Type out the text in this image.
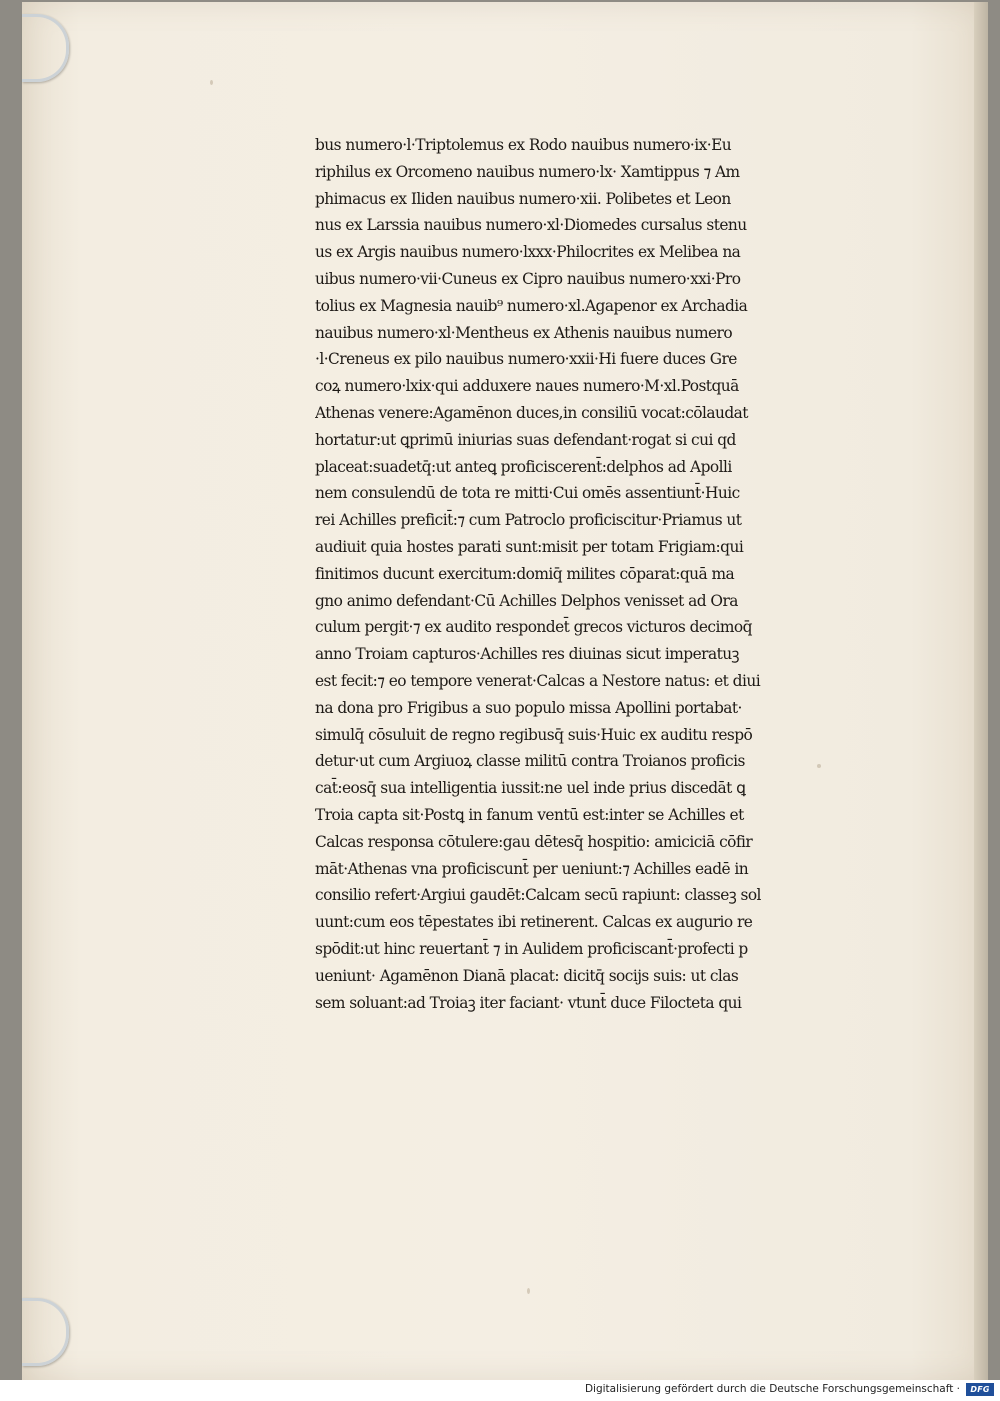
bus numero·l·Triptolemus ex Rodo nauibus numero·ix·Eu
riphilus ex Orcomeno nauibus numero·lx· Xamtippus ⁊ Am
phimacus ex Iliden nauibus numero·xii. Polibetes et Leon
nus ex Larssia nauibus numero·xl·Diomedes cursalus stenu
us ex Argis nauibus numero·lxxx·Philocrites ex Melibea na
uibus numero·vii·Cuneus ex Cipro nauibus numero·xxi·Pro
tolius ex Magnesia nauib⁹ numero·xl.Agapenor ex Archadia
nauibus numero·xl·Mentheus ex Athenis nauibus numero
·l·Creneus ex pilo nauibus numero·xxii·Hi fuere duces Gre
coꝝ numero·lxix·qui adduxere naues numero·M·xl.Postquā
Athenas venere:Agamēnon duces,in consiliū vocat:cōlaudat
hortatur:ut ꝗprimū iniurias suas defendant·rogat si cui qd
placeat:suadetq̄:ut anteꝗ proficiscerent̄:delphos ad Apolli
nem consulendū de tota re mitti·Cui omēs assentiunt̄·Huic
rei Achilles preficit̄:⁊ cum Patroclo proficiscitur·Priamus ut
audiuit quia hostes parati sunt:misit per totam Frigiam:qui
finitimos ducunt exercitum:domiq̄ milites cōparat:quā ma
gno animo defendant·Cū Achilles Delphos venisset ad Ora
culum pergit·⁊ ex audito respondet̄ grecos victuros decimoq̄
anno Troiam capturos·Achilles res diuinas sicut imperatuꝫ
est fecit:⁊ eo tempore venerat·Calcas a Nestore natus: et diui
na dona pro Frigibus a suo populo missa Apollini portabat·
simulq̄ cōsuluit de regno regibusq̄ suis·Huic ex auditu respō
detur·ut cum Argiuoꝝ classe militū contra Troianos proficis
cat̄:eosq̄ sua intelligentia iussit:ne uel inde prius discedāt ꝗ
Troia capta sit·Postꝗ in fanum ventū est:inter se Achilles et
Calcas responsa cōtulere:gau dētesq̄ hospitio: amiciciā cōfir
māt·Athenas vna proficiscunt̄ per ueniunt:⁊ Achilles eadē in
consilio refert·Argiui gaudēt:Calcam secū rapiunt: classeꝫ sol
uunt:cum eos tēpestates ibi retinerent. Calcas ex augurio re
spōdit:ut hinc reuertant̄ ⁊ in Aulidem proficiscant̄·profecti p
ueniunt· Agamēnon Dianā placat: dicitq̄ socijs suis: ut clas
sem soluant:ad Troiaꝫ iter faciant· vtunt̄ duce Filocteta qui
Digitalisierung gefördert durch die Deutsche Forschungsgemeinschaft ·	DFG
